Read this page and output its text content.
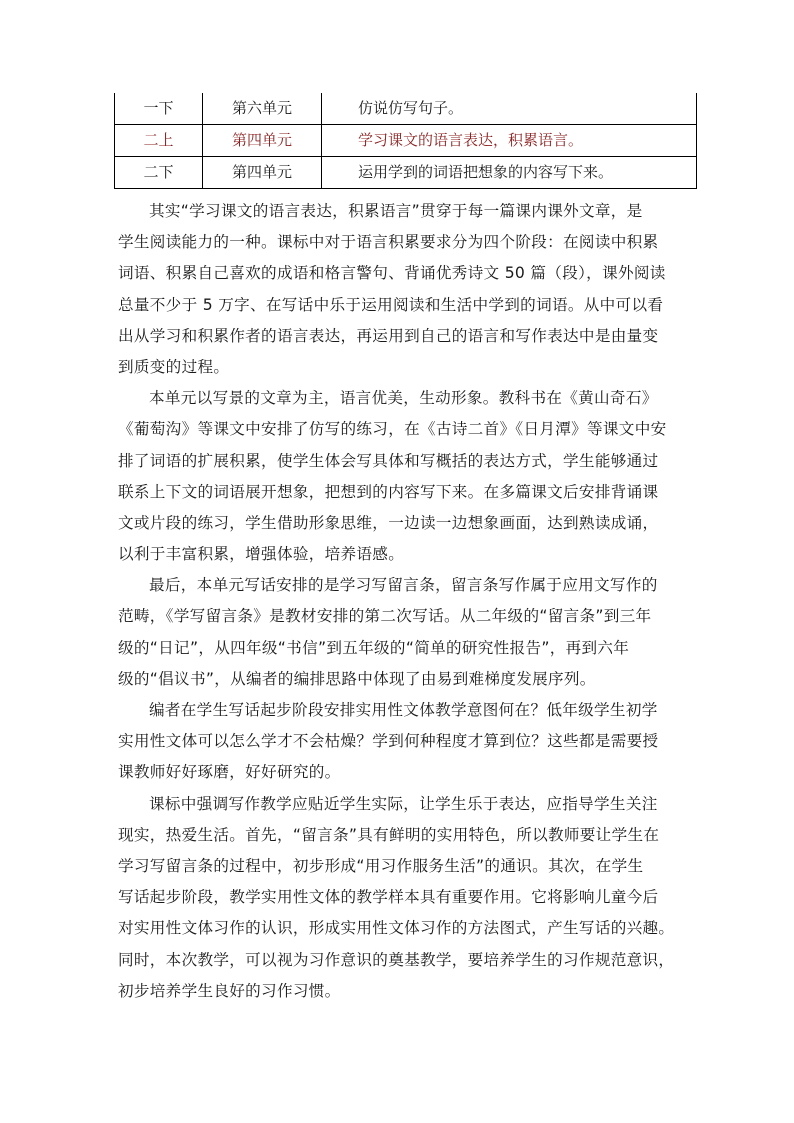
一下	第六单元	仿说仿写句子。
二上	第四单元	学习课文的语言表达，积累语言。
二下	第四单元	运用学到的词语把想象的内容写下来。

其实“学习课文的语言表达，积累语言”贯穿于每一篇课内课外文章，是
学生阅读能力的一种。课标中对于语言积累要求分为四个阶段：在阅读中积累
词语、积累自己喜欢的成语和格言警句、背诵优秀诗文 50 篇（段），课外阅读
总量不少于 5 万字、在写话中乐于运用阅读和生活中学到的词语。从中可以看
出从学习和积累作者的语言表达，再运用到自己的语言和写作表达中是由量变
到质变的过程。

本单元以写景的文章为主，语言优美，生动形象。教科书在《黄山奇石》
《葡萄沟》等课文中安排了仿写的练习，在《古诗二首》《日月潭》等课文中安
排了词语的扩展积累，使学生体会写具体和写概括的表达方式，学生能够通过
联系上下文的词语展开想象，把想到的内容写下来。在多篇课文后安排背诵课
文或片段的练习，学生借助形象思维，一边读一边想象画面，达到熟读成诵，
以利于丰富积累，增强体验，培养语感。

最后，本单元写话安排的是学习写留言条，留言条写作属于应用文写作的
范畴，《学写留言条》是教材安排的第二次写话。从二年级的“留言条”到三年
级的“日记”，从四年级“书信”到五年级的“简单的研究性报告”，再到六年
级的“倡议书”，从编者的编排思路中体现了由易到难梯度发展序列。

编者在学生写话起步阶段安排实用性文体教学意图何在？低年级学生初学
实用性文体可以怎么学才不会枯燥？学到何种程度才算到位？这些都是需要授
课教师好好琢磨，好好研究的。

课标中强调写作教学应贴近学生实际，让学生乐于表达，应指导学生关注
现实，热爱生活。首先，“留言条”具有鲜明的实用特色，所以教师要让学生在
学习写留言条的过程中，初步形成“用习作服务生活”的通识。其次，在学生
写话起步阶段，教学实用性文体的教学样本具有重要作用。它将影响儿童今后
对实用性文体习作的认识，形成实用性文体习作的方法图式，产生写话的兴趣。
同时，本次教学，可以视为习作意识的奠基教学，要培养学生的习作规范意识，
初步培养学生良好的习作习惯。
